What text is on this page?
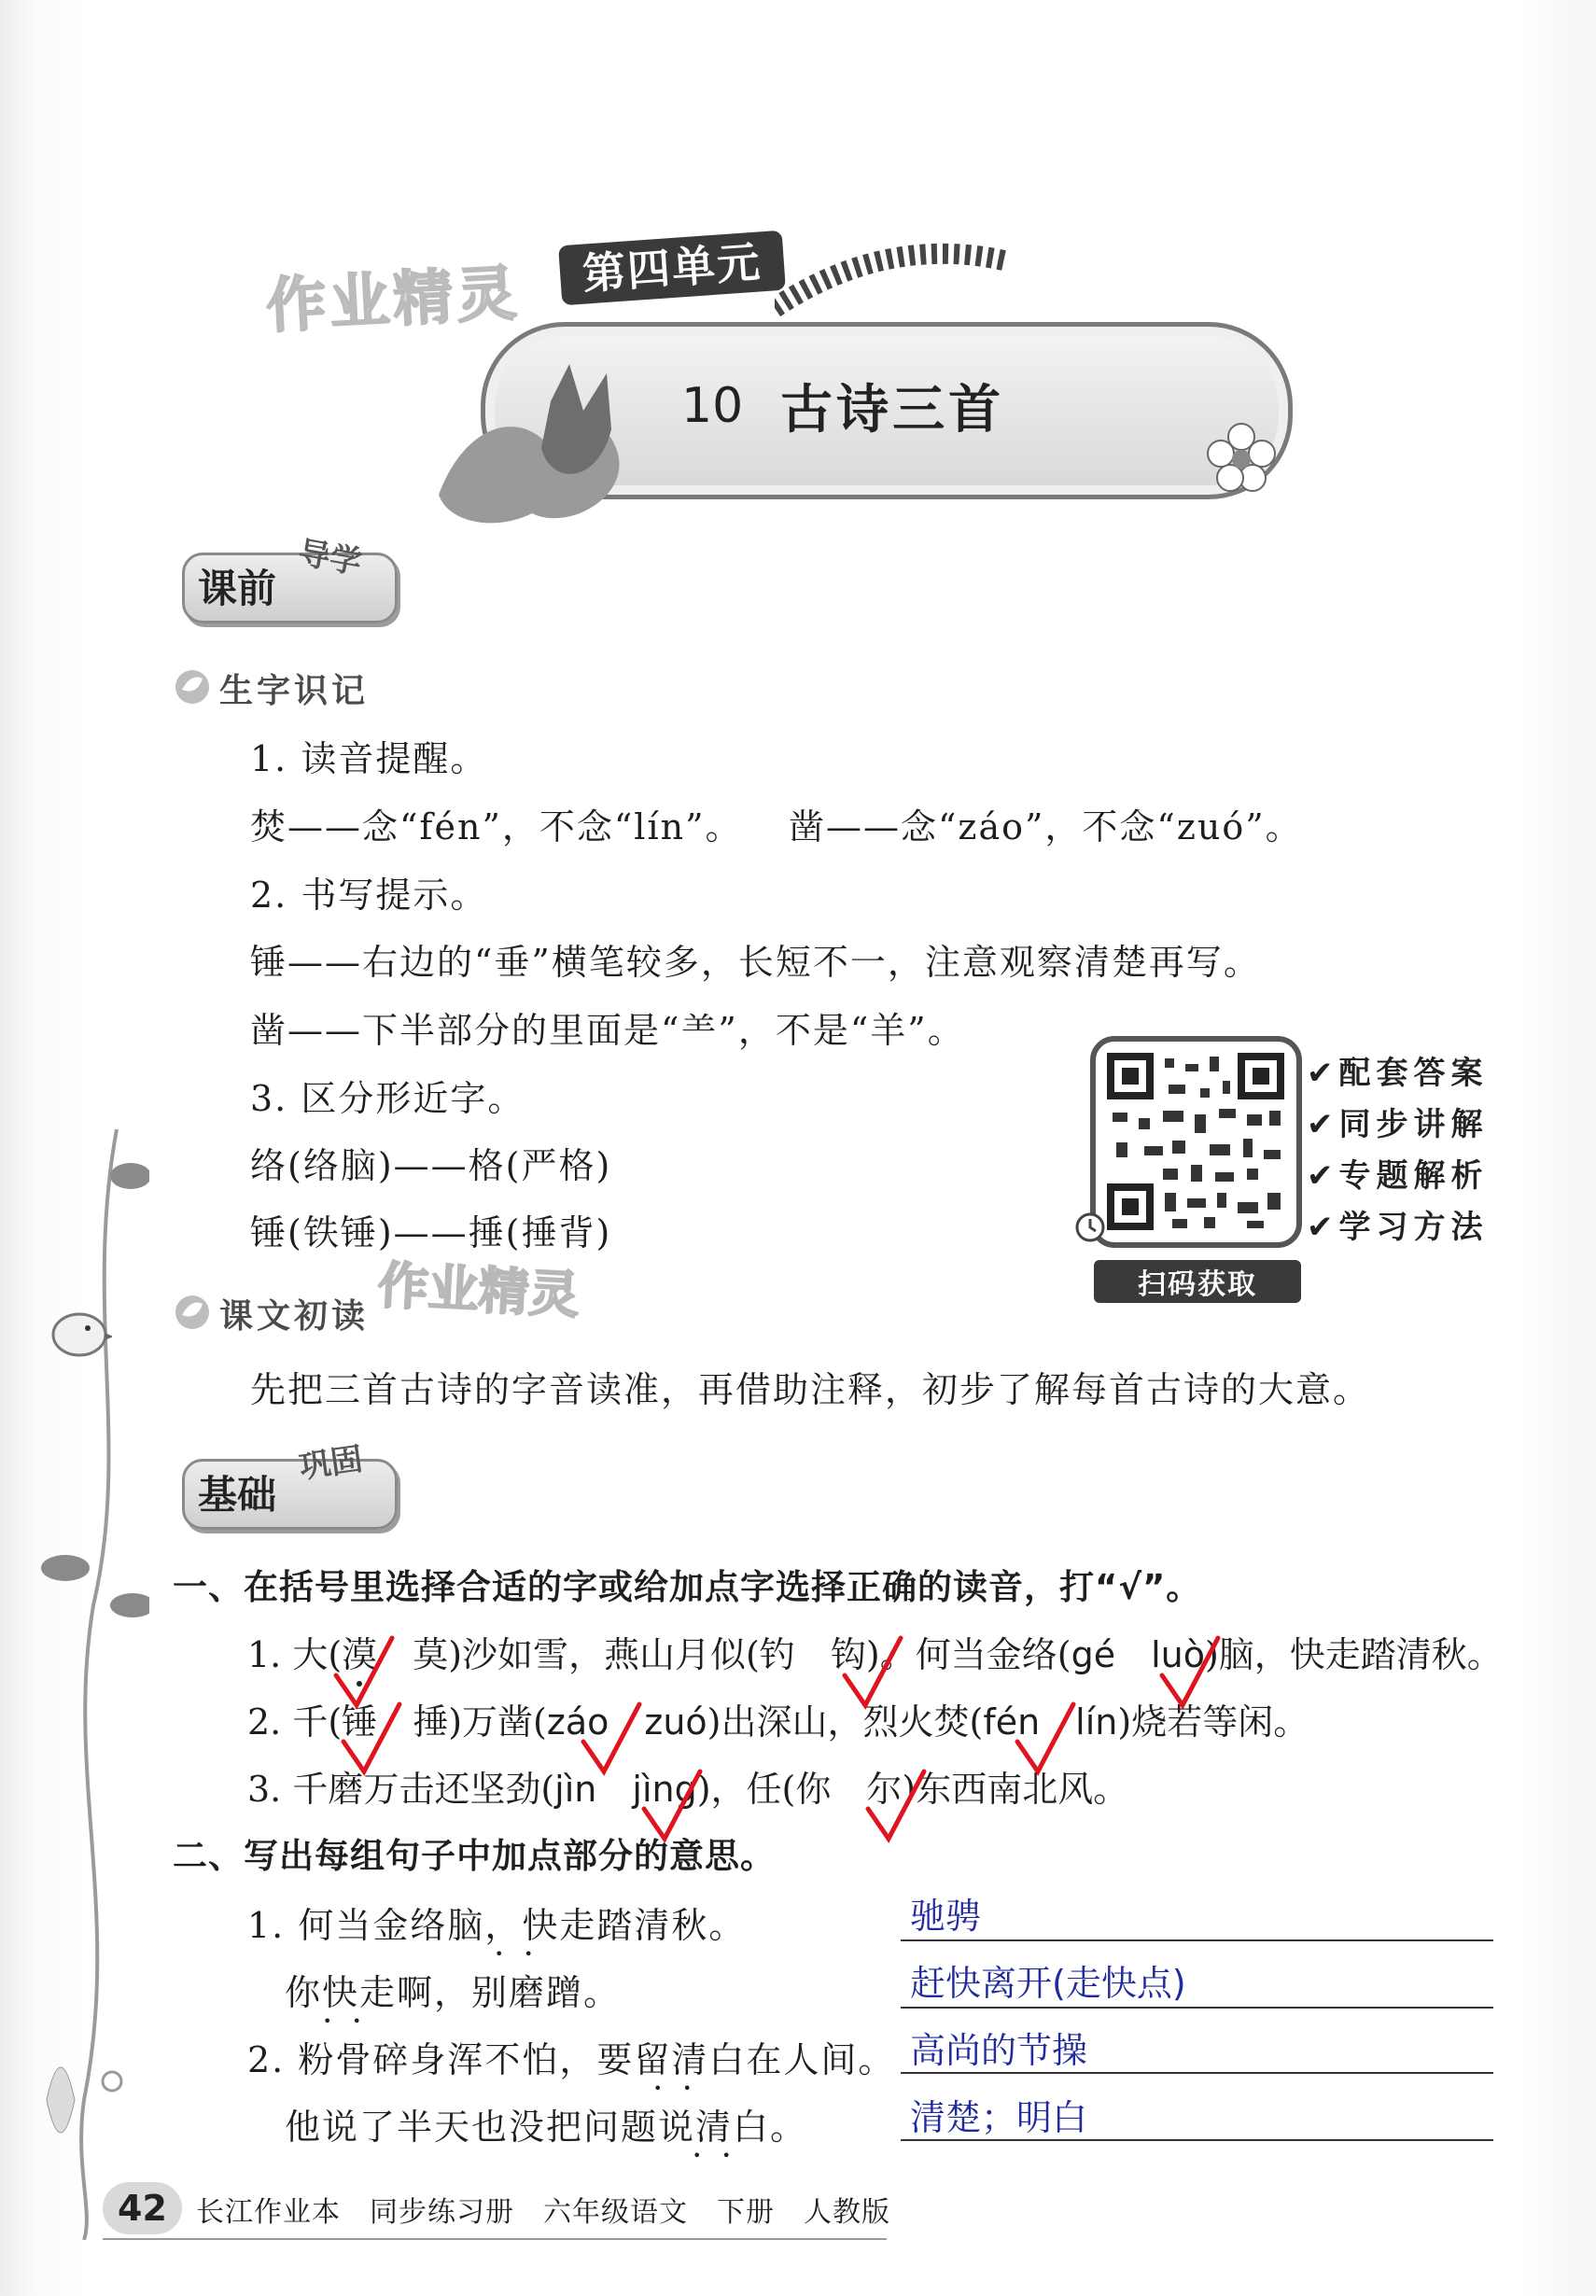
作业精灵	第四单元
10 古诗三首
课前
导学
生字识记
1. 读音提醒。
焚——念“fén”，不念“lín”。 凿——念“záo”，不念“zuó”。
2. 书写提示。
锤——右边的“垂”横笔较多，长短不一，注意观察清楚再写。
凿——下半部分的里面是“⺷”，不是“羊”。
3. 区分形近字。
络(络脑)——格(严格)
锤(铁锤)——捶(捶背)
扫码获取
✔配套答案
✔同步讲解
✔专题解析
✔学习方法
作业精灵
课文初读
先把三首古诗的字音读准，再借助注释，初步了解每首古诗的大意。
基础
巩固
一、在括号里选择合适的字或给加点字选择正确的读音，打“√”。
1. 大(漠　 莫)沙如雪，燕山月似(钓　 钩)。何当金络(gé　 luò)脑，快走踏清秋。
2. 千(锤　 捶)万凿(záo　 zuó)出深山，烈火焚(fén　 lín)烧若等闲。
3. 千磨万击还坚劲(jìn　 jìng)，任(你　 尔)东西南北风。
二、写出每组句子中加点部分的意思。
1. 何当金络脑，快走踏清秋。
你快走啊，别磨蹭。
2. 粉骨碎身浑不怕，要留清白在人间。
他说了半天也没把问题说清白。
••
••
••
••
驰骋
赶快离开(走快点)
高尚的节操
清楚；明白
42	长江作业本　同步练习册　六年级语文　下册　人教版
